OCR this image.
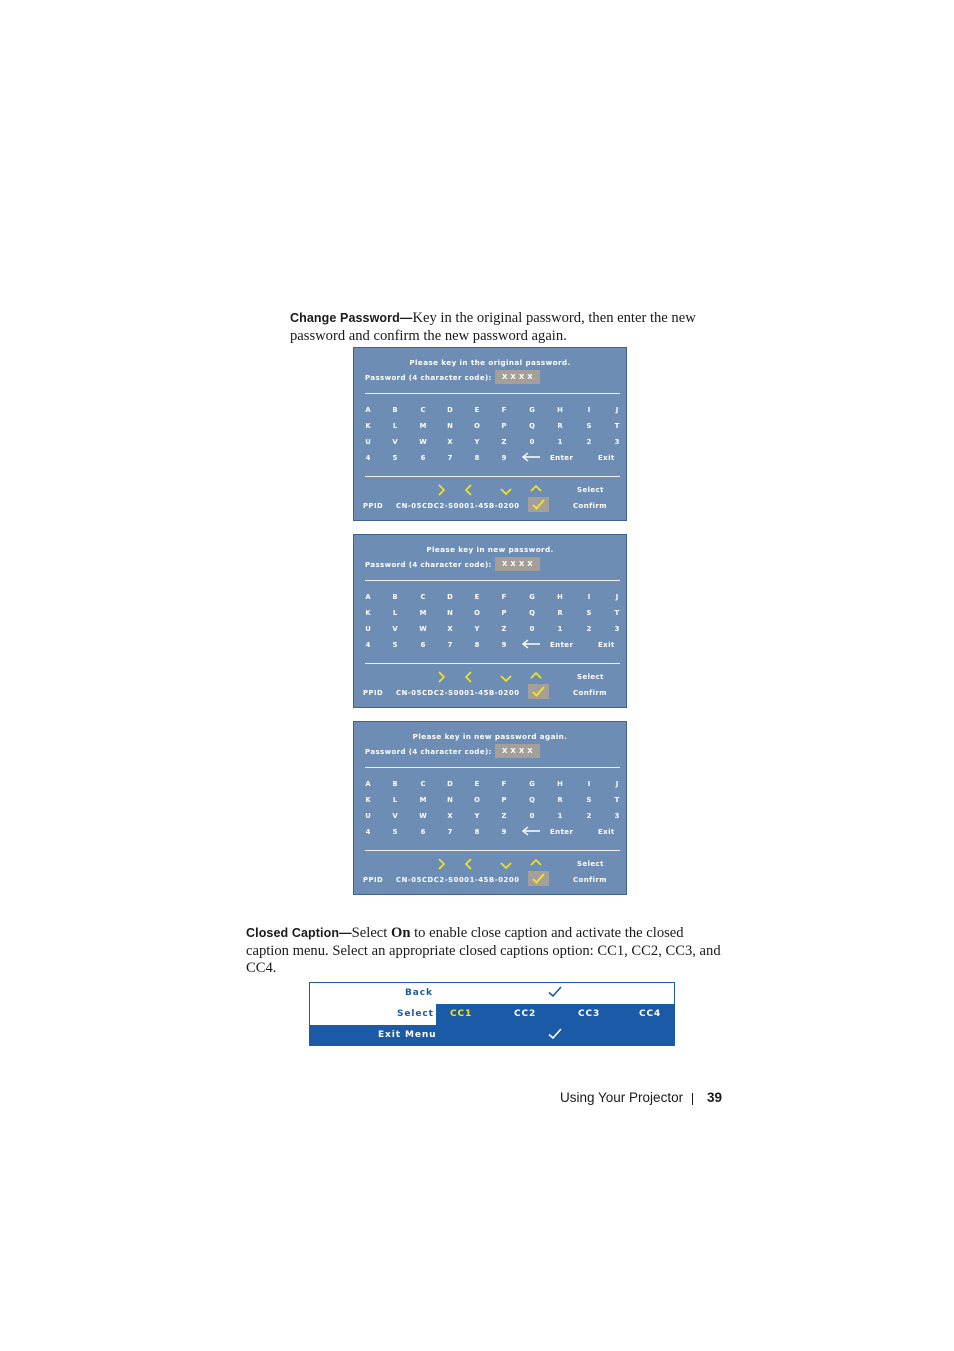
Change Password—Key in the original password, then enter the new
password and confirm the new password again.
Please key in the original password.
Password (4 character code):	X X X X
A	B	C	D	E	F	G	H	I	J
K	L	M	N	O	P	Q	R	S	T
U	V	W	X	Y	Z	0	1	2	3
4	5	6	7	8	9	Enter	Exit
Select
PPID CN-05CDC2-S0001-45B-0200	Confirm
Please key in new password.
Password (4 character code):	X X X X
A	B	C	D	E	F	G	H	I	J
K	L	M	N	O	P	Q	R	S	T
U	V	W	X	Y	Z	0	1	2	3
4	5	6	7	8	9	Enter	Exit
Select
PPID CN-05CDC2-S0001-45B-0200	Confirm
Please key in new password again.
Password (4 character code):	X X X X
A	B	C	D	E	F	G	H	I	J
K	L	M	N	O	P	Q	R	S	T
U	V	W	X	Y	Z	0	1	2	3
4	5	6	7	8	9	Enter	Exit
Select
PPID CN-05CDC2-S0001-45B-0200	Confirm
Closed Caption—Select On to enable close caption and activate the closed
caption menu. Select an appropriate closed captions option: CC1, CC2, CC3, and
CC4.
Back
Select CC1	CC2	CC3	CC4
Exit Menu
Using Your Projector 39
